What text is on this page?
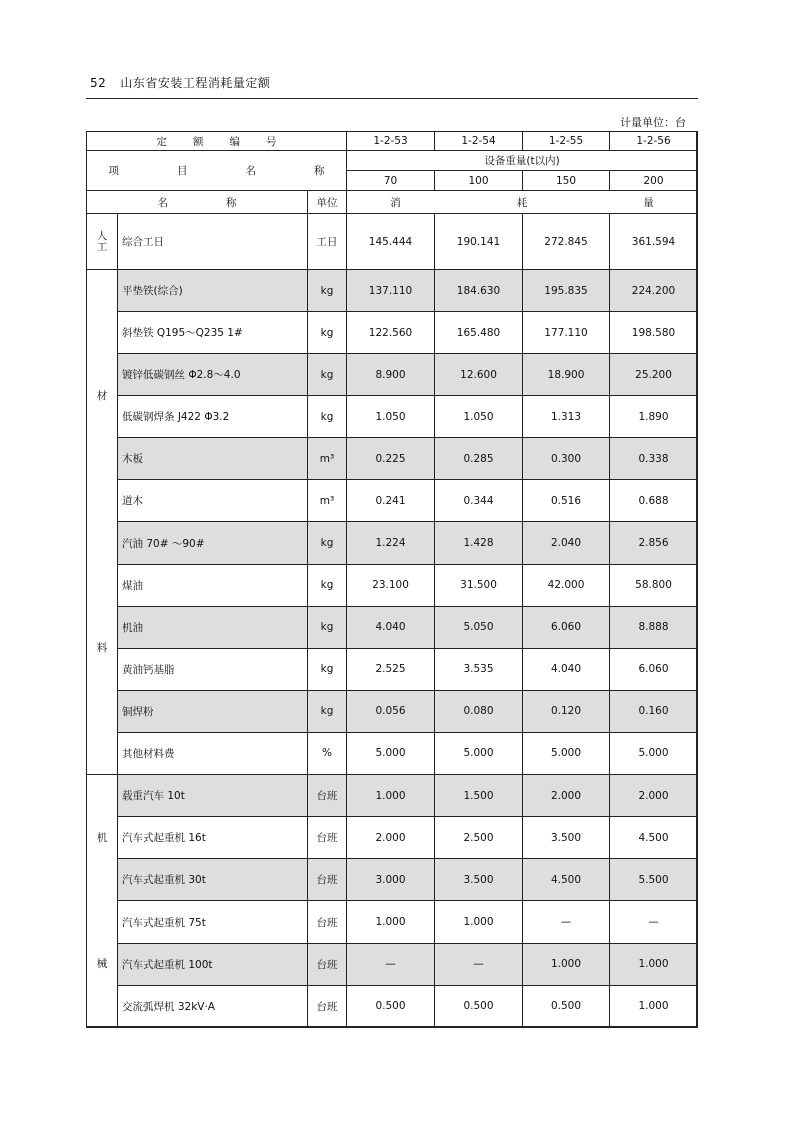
52 山东省安装工程消耗量定额
计量单位：台
定 额 编 号			1-2-53	1-2-54	1-2-55	1-2-56
项 目 名 称			设备重量(t以内)			
			70	100	150	200
名 称		单位	消 耗 量			
人
工	综合工日	工日	145.444	190.141	272.845	361.594

材
料	平垫铁(综合)	kg	137.110	184.630	195.835	224.200
	斜垫铁 Q195～Q235 1#	kg	122.560	165.480	177.110	198.580
	镀锌低碳钢丝 Φ2.8～4.0	kg	8.900	12.600	18.900	25.200
	低碳钢焊条 J422 Φ3.2	kg	1.050	1.050	1.313	1.890
	木板	m³	0.225	0.285	0.300	0.338
	道木	m³	0.241	0.344	0.516	0.688
	汽油 70# ～90#	kg	1.224	1.428	2.040	2.856
	煤油	kg	23.100	31.500	42.000	58.800
	机油	kg	4.040	5.050	6.060	8.888
	黄油钙基脂	kg	2.525	3.535	4.040	6.060
	铜焊粉	kg	0.056	0.080	0.120	0.160
	其他材料费	%	5.000	5.000	5.000	5.000

机
械	载重汽车 10t	台班	1.000	1.500	2.000	2.000
	汽车式起重机 16t	台班	2.000	2.500	3.500	4.500
	汽车式起重机 30t	台班	3.000	3.500	4.500	5.500
	汽车式起重机 75t	台班	1.000	1.000	—	—
	汽车式起重机 100t	台班	—	—	1.000	1.000
	交流弧焊机 32kV·A	台班	0.500	0.500	0.500	1.000
